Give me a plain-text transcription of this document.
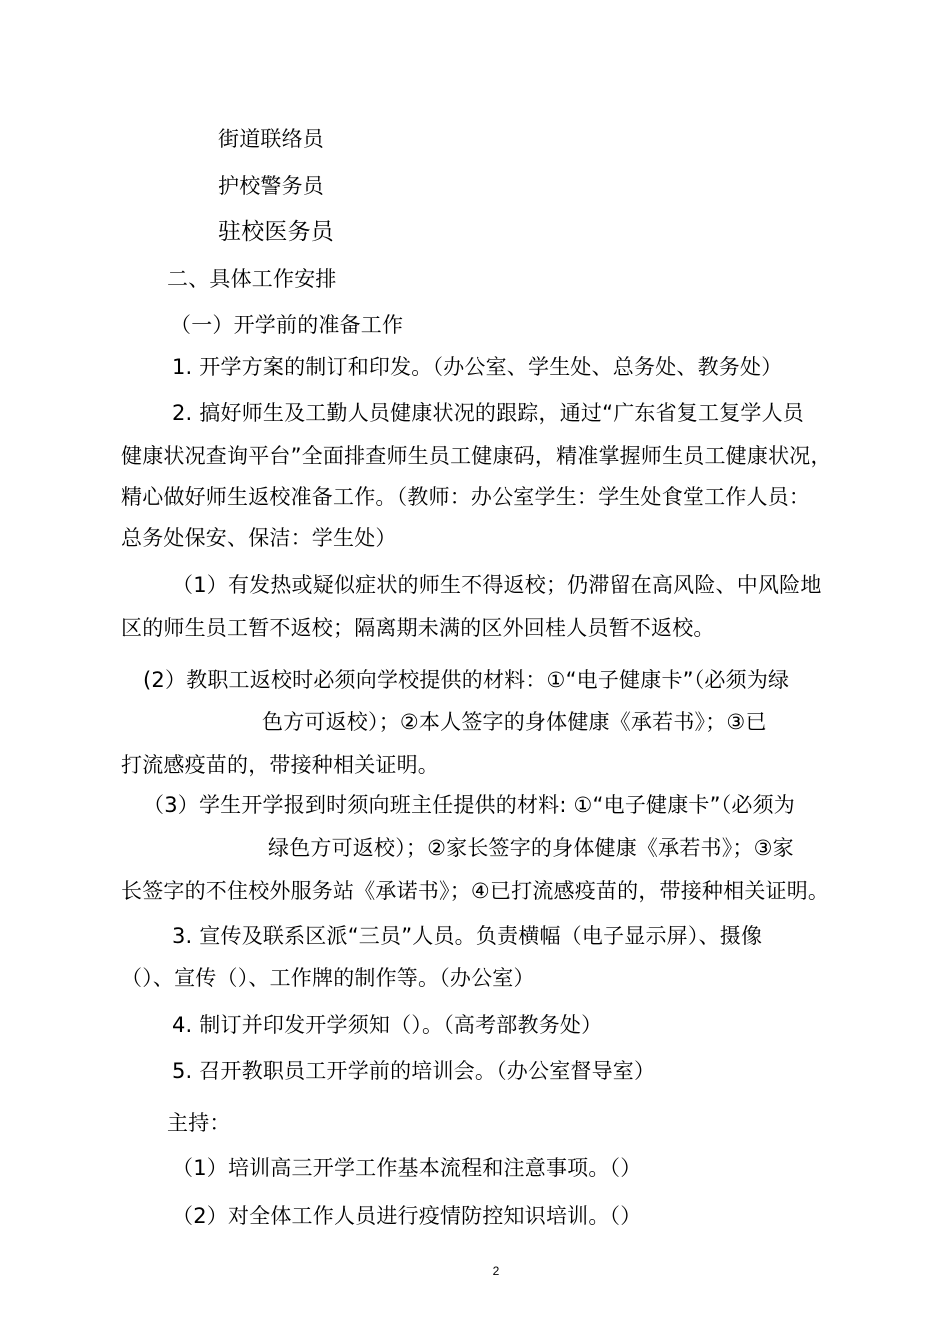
街道联络员
护校警务员
驻校医务员
二、具体工作安排
（一）开学前的准备工作
1. 开学方案的制订和印发。（办公室、学生处、总务处、教务处）
2. 搞好师生及工勤人员健康状况的跟踪，通过“广东省复工复学人员
健康状况查询平台”全面排查师生员工健康码，精准掌握师生员工健康状况，
精心做好师生返校准备工作。（教师：办公室学生：学生处食堂工作人员：
总务处保安、保洁：学生处）
（1）有发热或疑似症状的师生不得返校；仍滞留在高风险、中风险地
区的师生员工暂不返校；隔离期未满的区外回桂人员暂不返校。
(2）教职工返校时必须向学校提供的材料：①“电子健康卡”（必须为绿
色方可返校）；②本人签字的身体健康《承若书》；③已
打流感疫苗的，带接种相关证明。
（3）学生开学报到时须向班主任提供的材料: ①“电子健康卡”（必须为
绿色方可返校）；②家长签字的身体健康《承若书》；③家
长签字的不住校外服务站《承诺书》；④已打流感疫苗的，带接种相关证明。
3. 宣传及联系区派“三员”人员。负责横幅（电子显示屏）、摄像
（）、宣传（）、工作牌的制作等。（办公室）
4. 制订并印发开学须知（）。（高考部教务处）
5. 召开教职员工开学前的培训会。（办公室督导室）
主持：
（1）培训高三开学工作基本流程和注意事项。（）
（2）对全体工作人员进行疫情防控知识培训。（）
2
